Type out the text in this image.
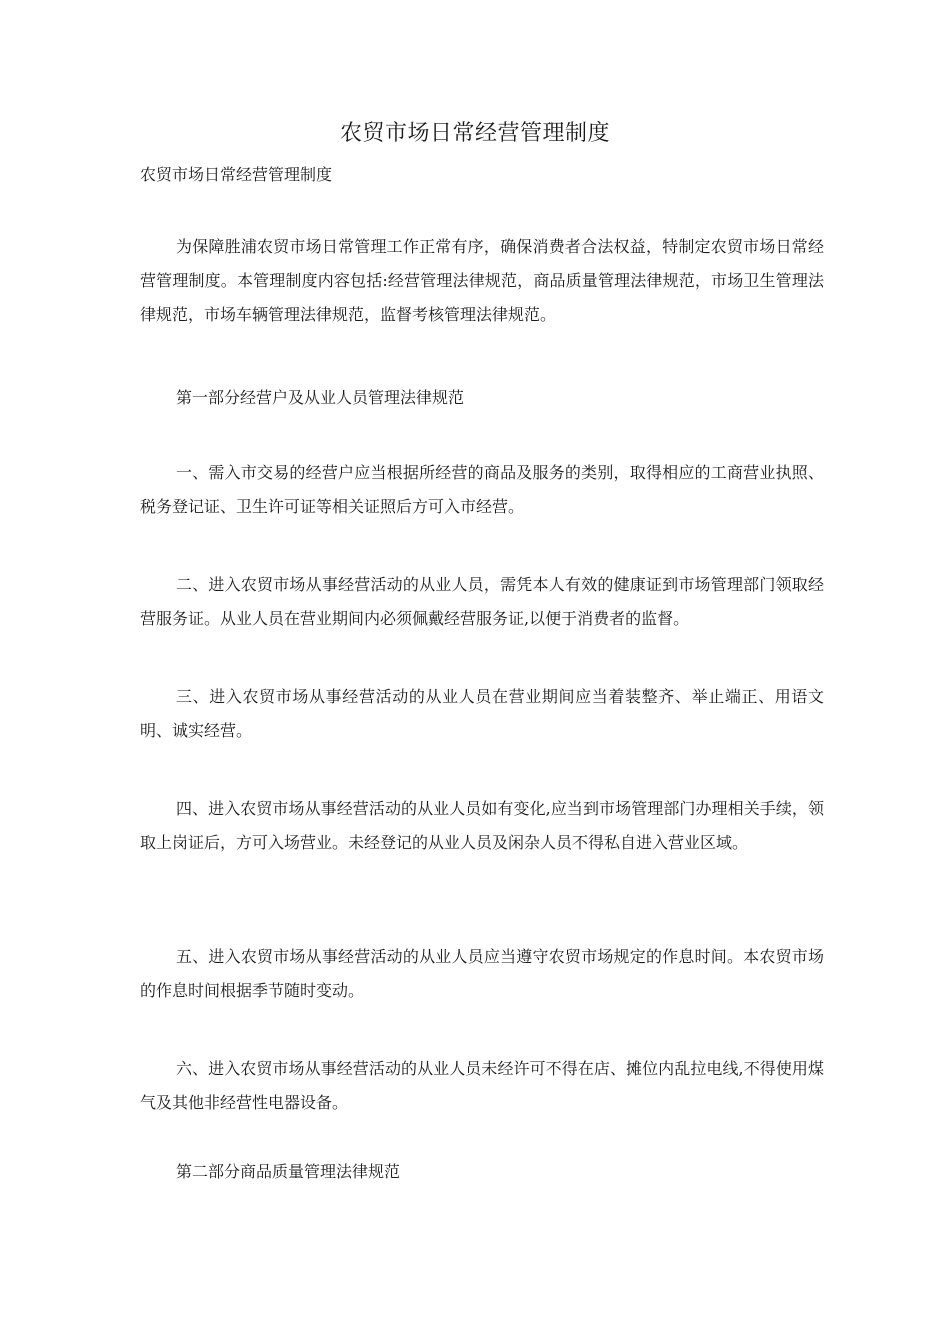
农贸市场日常经营管理制度

农贸市场日常经营管理制度

为保障胜浦农贸市场日常管理工作正常有序，确保消费者合法权益，特制定农贸市场日常经营管理制度。本管理制度内容包括:经营管理法律规范，商品质量管理法律规范，市场卫生管理法律规范，市场车辆管理法律规范，监督考核管理法律规范。

第一部分经营户及从业人员管理法律规范

一、需入市交易的经营户应当根据所经营的商品及服务的类别，取得相应的工商营业执照、税务登记证、卫生许可证等相关证照后方可入市经营。

二、进入农贸市场从事经营活动的从业人员，需凭本人有效的健康证到市场管理部门领取经营服务证。从业人员在营业期间内必须佩戴经营服务证,以便于消费者的监督。

三、进入农贸市场从事经营活动的从业人员在营业期间应当着装整齐、举止端正、用语文明、诚实经营。

四、进入农贸市场从事经营活动的从业人员如有变化,应当到市场管理部门办理相关手续，领取上岗证后，方可入场营业。未经登记的从业人员及闲杂人员不得私自进入营业区域。

五、进入农贸市场从事经营活动的从业人员应当遵守农贸市场规定的作息时间。本农贸市场的作息时间根据季节随时变动。

六、进入农贸市场从事经营活动的从业人员未经许可不得在店、摊位内乱拉电线,不得使用煤气及其他非经营性电器设备。

第二部分商品质量管理法律规范
